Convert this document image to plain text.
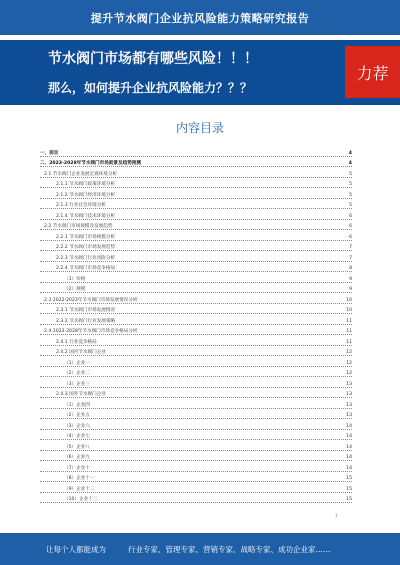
提升节水阀门企业抗风险能力策略研究报告
节水阀门市场都有哪些风险！！！
那么，如何提升企业抗风险能力？？？
力荐
内容目录
一、前言	4
二、2023-2028年节水阀门市场前景及趋势预测	4
2.1 节水阀门企业发展宏观环境分析	5
2.1.1 节水阀门政策环境分析	5
2.1.2 节水阀门经济环境分析	5
2.1.3 行业社会环境分析	5
2.1.4 节水阀门技术环境分析	6
2.2 节水阀门市场规模及发展趋势	6
2.2.1 节水阀门市场规模分析	6
2.2.2 节水阀门市场发展趋势	7
2.2.3 节水阀门行业风险分析	7
2.2.4 节水阀门市场竞争格局	8
（1）价格	9
（2）规模	9
2.3 2022-2023年节水阀门市场发展情况分析	10
2.3.1 节水阀门市场发展情况	10
2.3.2 节水阀门行业发展策略	11
2.4 2023-2028年节水阀门市场竞争格局分析	11
2.4.1 行业竞争格局	11
2.4.2 国内节水阀门企业	12
（1）企业一	12
（2）企业二	12
（3）企业三	13
2.4.3 国外节水阀门企业	13
（1）企业四	13
（2）企业五	13
（3）企业六	14
（4）企业七	14
（5）企业八	14
（6）企业九	14
（7）企业十	14
（8）企业十一	15
（9）企业十二	15
（10）企业十三	15
1
让每个人都能成为	行业专家、管理专家、营销专家、战略专家、成功企业家……
